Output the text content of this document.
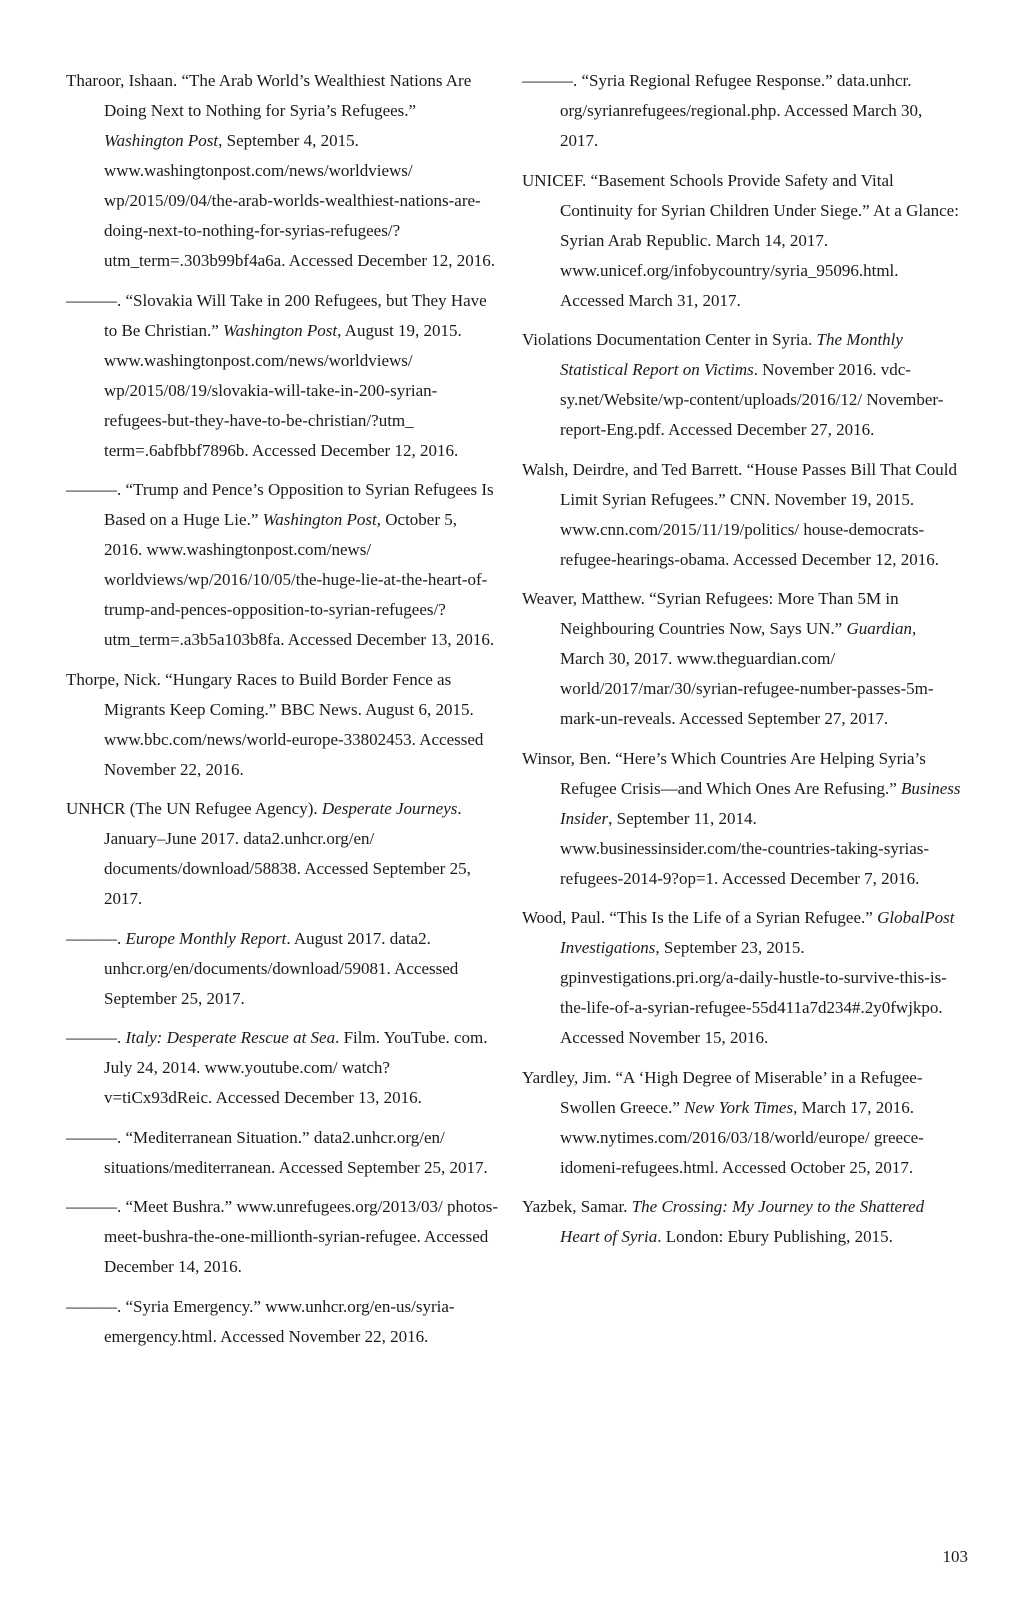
Tharoor, Ishaan. “The Arab World’s Wealthiest Nations Are Doing Next to Nothing for Syria’s Refugees.” Washington Post, September 4, 2015. www.washingtonpost.com/news/worldviews/ wp/2015/09/04/the-arab-worlds-wealthiest-nations-are-doing-next-to-nothing-for-syrias-refugees/?utm_term=.303b99bf4a6a. Accessed December 12, 2016.

———. “Slovakia Will Take in 200 Refugees, but They Have to Be Christian.” Washington Post, August 19, 2015. www.washingtonpost.com/news/worldviews/ wp/2015/08/19/slovakia-will-take-in-200-syrian-refugees-but-they-have-to-be-christian/?utm_ term=.6abfbbf7896b. Accessed December 12, 2016.

———. “Trump and Pence’s Opposition to Syrian Refugees Is Based on a Huge Lie.” Washington Post, October 5, 2016. www.washingtonpost.com/news/ worldviews/wp/2016/10/05/the-huge-lie-at-the-heart-of-trump-and-pences-opposition-to-syrian-refugees/?utm_term=.a3b5a103b8fa. Accessed December 13, 2016.

Thorpe, Nick. “Hungary Races to Build Border Fence as Migrants Keep Coming.” BBC News. August 6, 2015. www.bbc.com/news/world-europe-33802453. Accessed November 22, 2016.

UNHCR (The UN Refugee Agency). Desperate Journeys. January–June 2017. data2.unhcr.org/en/ documents/download/58838. Accessed September 25, 2017.

———. Europe Monthly Report. August 2017. data2. unhcr.org/en/documents/download/59081. Accessed September 25, 2017.

———. Italy: Desperate Rescue at Sea. Film. YouTube. com. July 24, 2014. www.youtube.com/ watch?v=tiCx93dReic. Accessed December 13, 2016.

———. “Mediterranean Situation.” data2.unhcr.org/en/ situations/mediterranean. Accessed September 25, 2017.

———. “Meet Bushra.” www.unrefugees.org/2013/03/ photos-meet-bushra-the-one-millionth-syrian-refugee. Accessed December 14, 2016.

———. “Syria Emergency.” www.unhcr.org/en-us/syria-emergency.html. Accessed November 22, 2016.

———. “Syria Regional Refugee Response.” data.unhcr. org/syrianrefugees/regional.php. Accessed March 30, 2017.

UNICEF. “Basement Schools Provide Safety and Vital Continuity for Syrian Children Under Siege.” At a Glance: Syrian Arab Republic. March 14, 2017. www.unicef.org/infobycountry/syria_95096.html. Accessed March 31, 2017.

Violations Documentation Center in Syria. The Monthly Statistical Report on Victims. November 2016. vdc-sy.net/Website/wp-content/uploads/2016/12/ November-report-Eng.pdf. Accessed December 27, 2016.

Walsh, Deirdre, and Ted Barrett. “House Passes Bill That Could Limit Syrian Refugees.” CNN. November 19, 2015. www.cnn.com/2015/11/19/politics/ house-democrats-refugee-hearings-obama. Accessed December 12, 2016.

Weaver, Matthew. “Syrian Refugees: More Than 5M in Neighbouring Countries Now, Says UN.” Guardian, March 30, 2017. www.theguardian.com/ world/2017/mar/30/syrian-refugee-number-passes-5m-mark-un-reveals. Accessed September 27, 2017.

Winsor, Ben. “Here’s Which Countries Are Helping Syria’s Refugee Crisis—and Which Ones Are Refusing.” Business Insider, September 11, 2014. www.businessinsider.com/the-countries-taking-syrias-refugees-2014-9?op=1. Accessed December 7, 2016.

Wood, Paul. “This Is the Life of a Syrian Refugee.” GlobalPost Investigations, September 23, 2015. gpinvestigations.pri.org/a-daily-hustle-to-survive-this-is-the-life-of-a-syrian-refugee-55d411a7d234#.2y0fwjkpo. Accessed November 15, 2016.

Yardley, Jim. “A ‘High Degree of Miserable’ in a Refugee-Swollen Greece.” New York Times, March 17, 2016. www.nytimes.com/2016/03/18/world/europe/ greece-idomeni-refugees.html. Accessed October 25, 2017.

Yazbek, Samar. The Crossing: My Journey to the Shattered Heart of Syria. London: Ebury Publishing, 2015.

103
